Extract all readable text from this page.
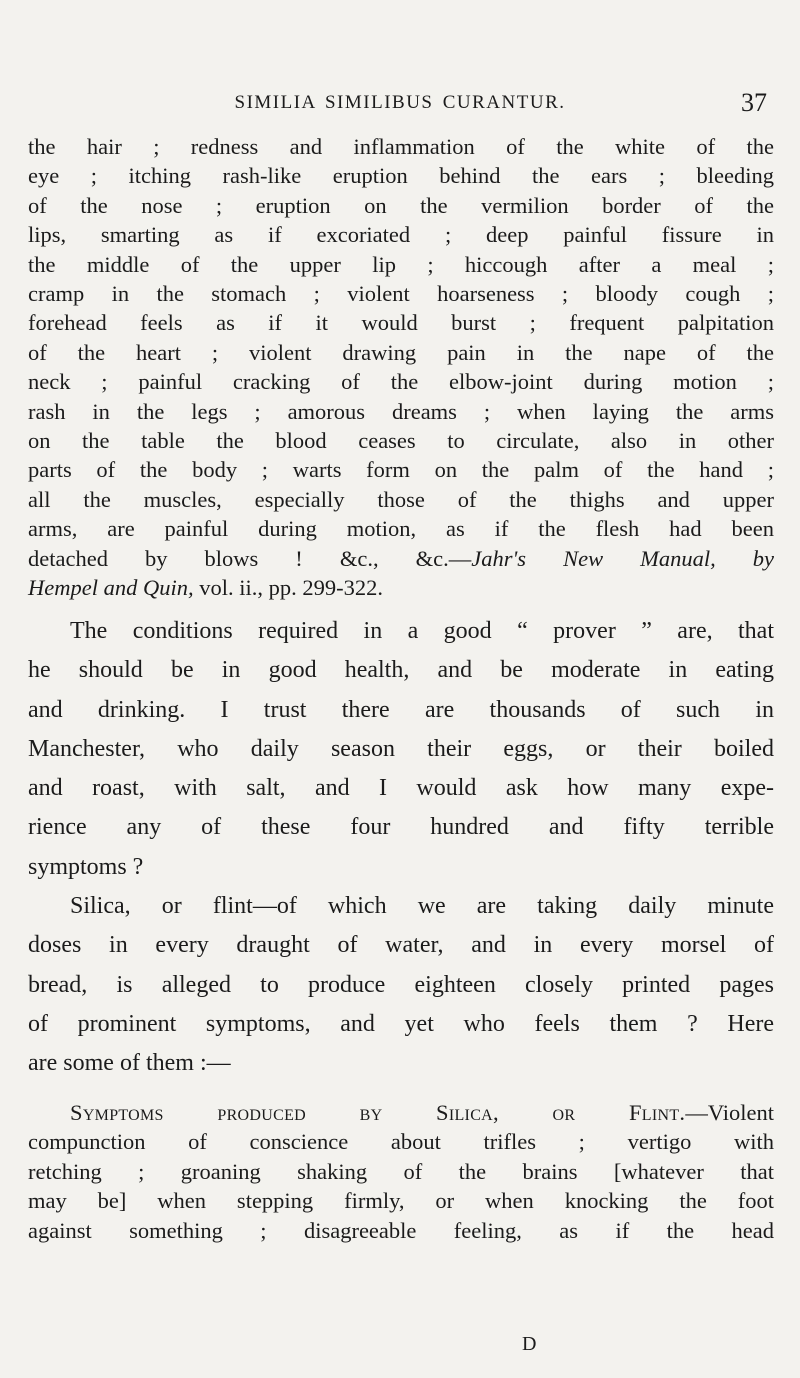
SIMILIA SIMILIBUS CURANTUR.	37
the hair ; redness and inflammation of the white of the
eye ; itching rash-like eruption behind the ears ; bleeding
of the nose ; eruption on the vermilion border of the
lips, smarting as if excoriated ; deep painful fissure in
the middle of the upper lip ; hiccough after a meal ;
cramp in the stomach ; violent hoarseness ; bloody cough ;
forehead feels as if it would burst ; frequent palpitation
of the heart ; violent drawing pain in the nape of the
neck ; painful cracking of the elbow-joint during motion ;
rash in the legs ; amorous dreams ; when laying the arms
on the table the blood ceases to circulate, also in other
parts of the body ; warts form on the palm of the hand ;
all the muscles, especially those of the thighs and upper
arms, are painful during motion, as if the flesh had been
detached by blows ! &c., &c.—Jahr's New Manual, by
Hempel and Quin, vol. ii., pp. 299-322.
The conditions required in a good “ prover ” are, that
he should be in good health, and be moderate in eating
and drinking. I trust there are thousands of such in
Manchester, who daily season their eggs, or their boiled
and roast, with salt, and I would ask how many expe-
rience any of these four hundred and fifty terrible
symptoms ?
Silica, or flint—of which we are taking daily minute
doses in every draught of water, and in every morsel of
bread, is alleged to produce eighteen closely printed pages
of prominent symptoms, and yet who feels them ? Here
are some of them :—
Symptoms produced by Silica, or Flint.—Violent
compunction of conscience about trifles ; vertigo with
retching ; groaning shaking of the brains [whatever that
may be] when stepping firmly, or when knocking the foot
against something ; disagreeable feeling, as if the head
D
